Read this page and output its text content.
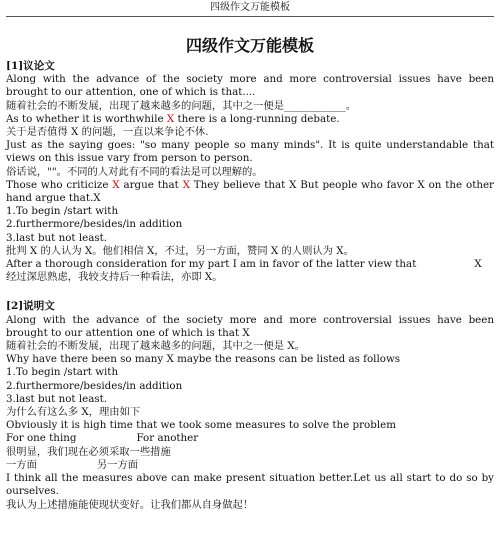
四级作文万能模板
四级作文万能模板
[1]议论文

Along with the advance of the society more and more controversial issues have been brought to our attention, one of which is that....

随着社会的不断发展，出现了越来越多的问题，其中之一便是____________。

As to whether it is worthwhile X there is a long-running debate.

关于是否值得 X 的问题，一直以来争论不休.

Just as the saying goes: "so many people so many minds". It is quite understandable that views on this issue vary from person to person.

俗话说，""。不同的人对此有不同的看法是可以理解的。

Those who criticize X argue that X They believe that X But people who favor X on the other hand argue that.X

1.To begin /start with

2.furthermore/besides/in addition

3.last but not least.

批判 X 的人认为 X。他们相信 X，不过，另一方面，赞同 X 的人则认为 X。

After a thorough consideration for my part I am in favor of the latter view that	X

经过深思熟虑，我较支持后一种看法，亦即 X。

[2]说明文

Along with the advance of the society more and more controversial issues have been brought to our attention one of which is that X

随着社会的不断发展，出现了越来越多的问题，其中之一便是 X。

Why have there been so many X maybe the reasons can be listed as follows

1.To begin /start with

2.furthermore/besides/in addition

3.last but not least.

为什么有这么多 X，理由如下

Obviously it is high time that we took some measures to solve the problem

For one thing	For another

很明显，我们现在必须采取一些措施

一方面	另一方面

I think all the measures above can make present situation better.Let us all start to do so by ourselves.

我认为上述措施能使现状变好。让我们都从自身做起！
